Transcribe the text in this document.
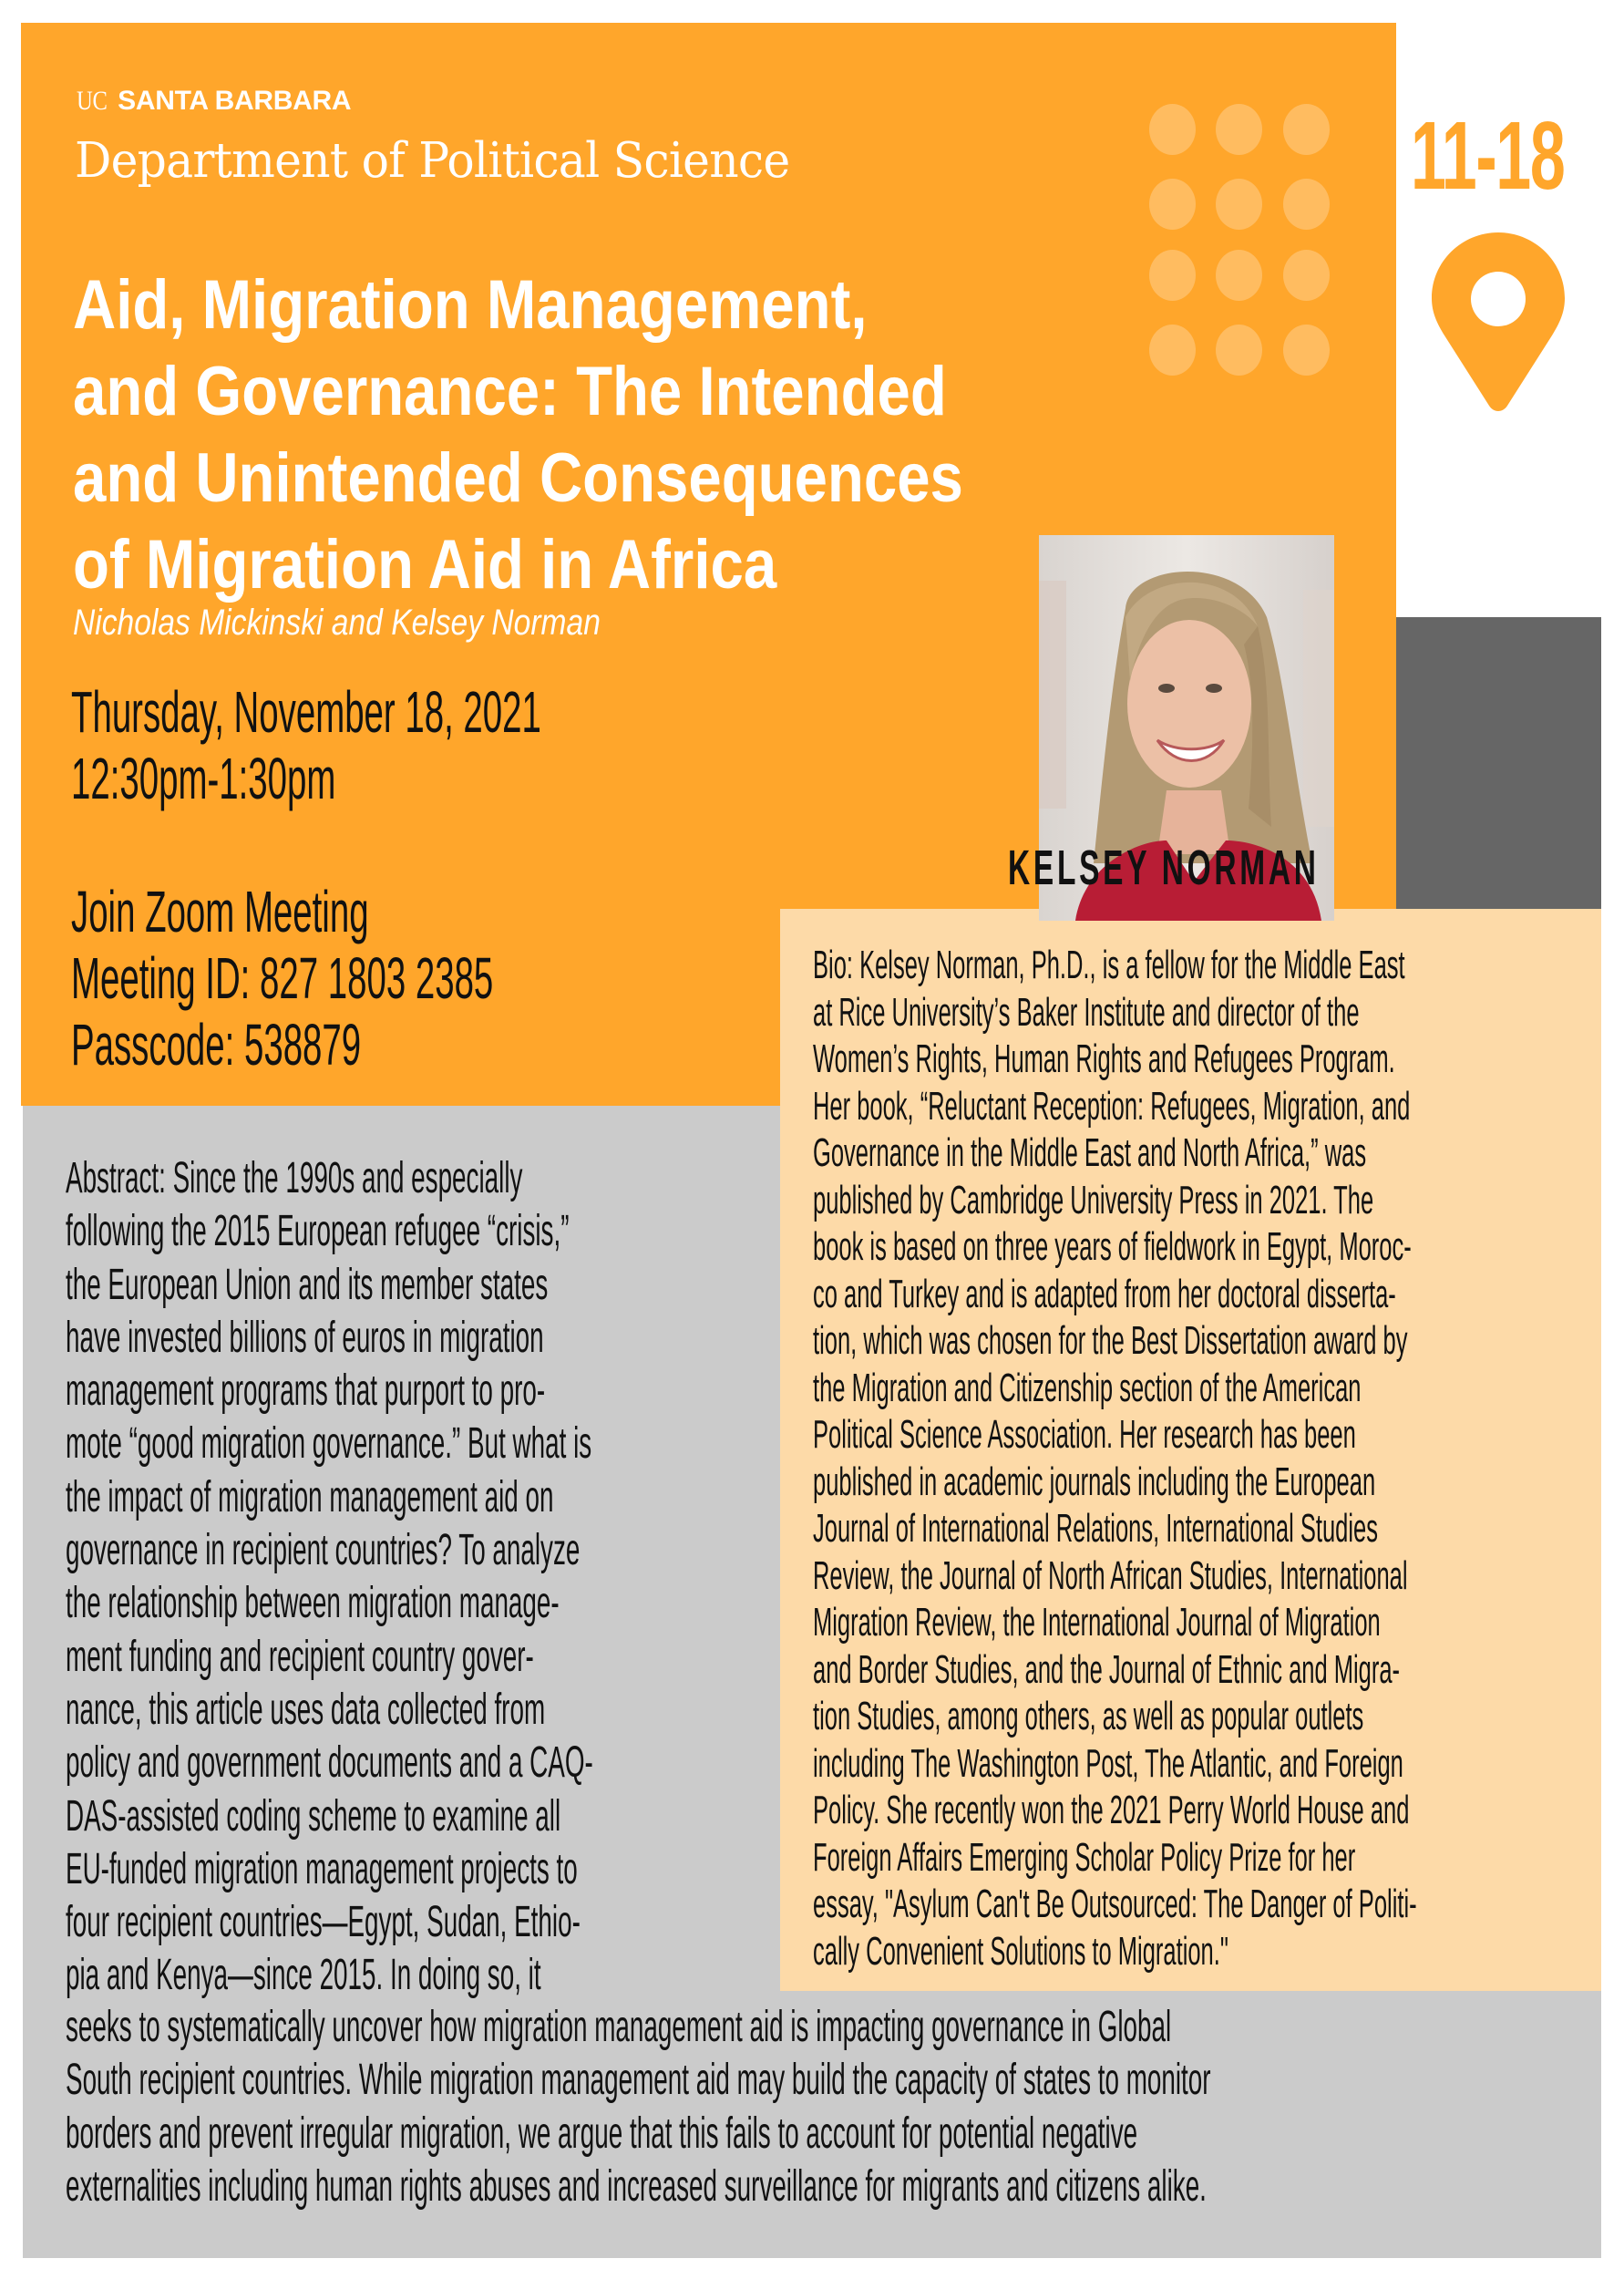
UC SANTA BARBARA
Department of Political Science	11-18
Aid, Migration Management,
and Governance: The Intended
and Unintended Consequences
of Migration Aid in Africa
Nicholas Mickinski and Kelsey Norman
Thursday, November 18, 2021
12:30pm-1:30pm
Join Zoom Meeting
Meeting ID: 827 1803 2385
Passcode: 538879
KELSEY NORMAN
Bio: Kelsey Norman, Ph.D., is a fellow for the Middle East
at Rice University’s Baker Institute and director of the
Women’s Rights, Human Rights and Refugees Program.
Her book, “Reluctant Reception: Refugees, Migration, and
Governance in the Middle East and North Africa,” was
published by Cambridge University Press in 2021. The
book is based on three years of fieldwork in Egypt, Moroc-
co and Turkey and is adapted from her doctoral disserta-
tion, which was chosen for the Best Dissertation award by
the Migration and Citizenship section of the American
Political Science Association. Her research has been
published in academic journals including the European
Journal of International Relations, International Studies
Review, the Journal of North African Studies, International
Migration Review, the International Journal of Migration
and Border Studies, and the Journal of Ethnic and Migra-
tion Studies, among others, as well as popular outlets
including The Washington Post, The Atlantic, and Foreign
Policy. She recently won the 2021 Perry World House and
Foreign Affairs Emerging Scholar Policy Prize for her
essay, "Asylum Can't Be Outsourced: The Danger of Politi-
cally Convenient Solutions to Migration."
Abstract: Since the 1990s and especially
following the 2015 European refugee “crisis,”
the European Union and its member states
have invested billions of euros in migration
management programs that purport to pro-
mote “good migration governance.” But what is
the impact of migration management aid on
governance in recipient countries? To analyze
the relationship between migration manage-
ment funding and recipient country gover-
nance, this article uses data collected from
policy and government documents and a CAQ-
DAS-assisted coding scheme to examine all
EU-funded migration management projects to
four recipient countries—Egypt, Sudan, Ethio-
pia and Kenya—since 2015. In doing so, it
seeks to systematically uncover how migration management aid is impacting governance in Global
South recipient countries. While migration management aid may build the capacity of states to monitor
borders and prevent irregular migration, we argue that this fails to account for potential negative
externalities including human rights abuses and increased surveillance for migrants and citizens alike.
